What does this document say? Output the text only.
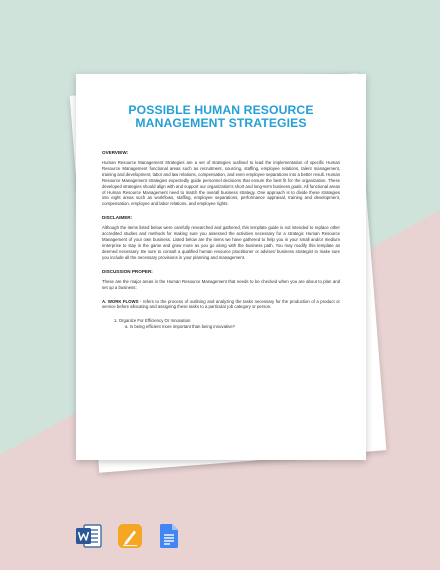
POSSIBLE HUMAN RESOURCE MANAGEMENT STRATEGIES
OVERVIEW:
Human Resource Management Strategies are a set of strategies outlined to lead the implementation of specific Human Resource Management functional areas such as recruitment, sourcing, staffing, employee relations, talent management, training and development, labor and law relations, compensation, and even employee separations into a better result. Human Resource Management strategies expectedly guide personnel decisions that ensure the best fit for the organization. These developed strategies should align with and support our organization's short and long-term business goals. All functional areas of Human Resource Management need to match the overall business strategy. One approach is to divide these strategies into eight areas such as workflows, staffing, employee separations, performance appraisal, training and development, compensation, employee and labor relations, and employee rights.
DISCLAIMER:
Although the items listed below were carefully researched and gathered, this template guide is not intended to replace other accredited studies and methods for making sure you assessed the activities necessary for a strategic Human Resource Management of your own business. Listed below are the items we have gathered to help you in your small and/or medium enterprise to stay in the game and grow more as you go along with the business path. You may modify this template as deemed necessary. Be sure to consult a qualified human resource practitioner or adviser/ business strategist to make sure you include all the necessary provisions in your planning and management.
DISCUSSION PROPER:
These are the major areas in the Human Resource Management that needs to be checked when you are about to plan and set up a business:
A. WORK FLOWS - refers to the process of outlining and analyzing the tasks necessary for the production of a product or service before allocating and assigning these tasks to a particular job category or person.
1. Organize For Efficiency Or Innovation
a. Is being efficient more important than being innovative?
